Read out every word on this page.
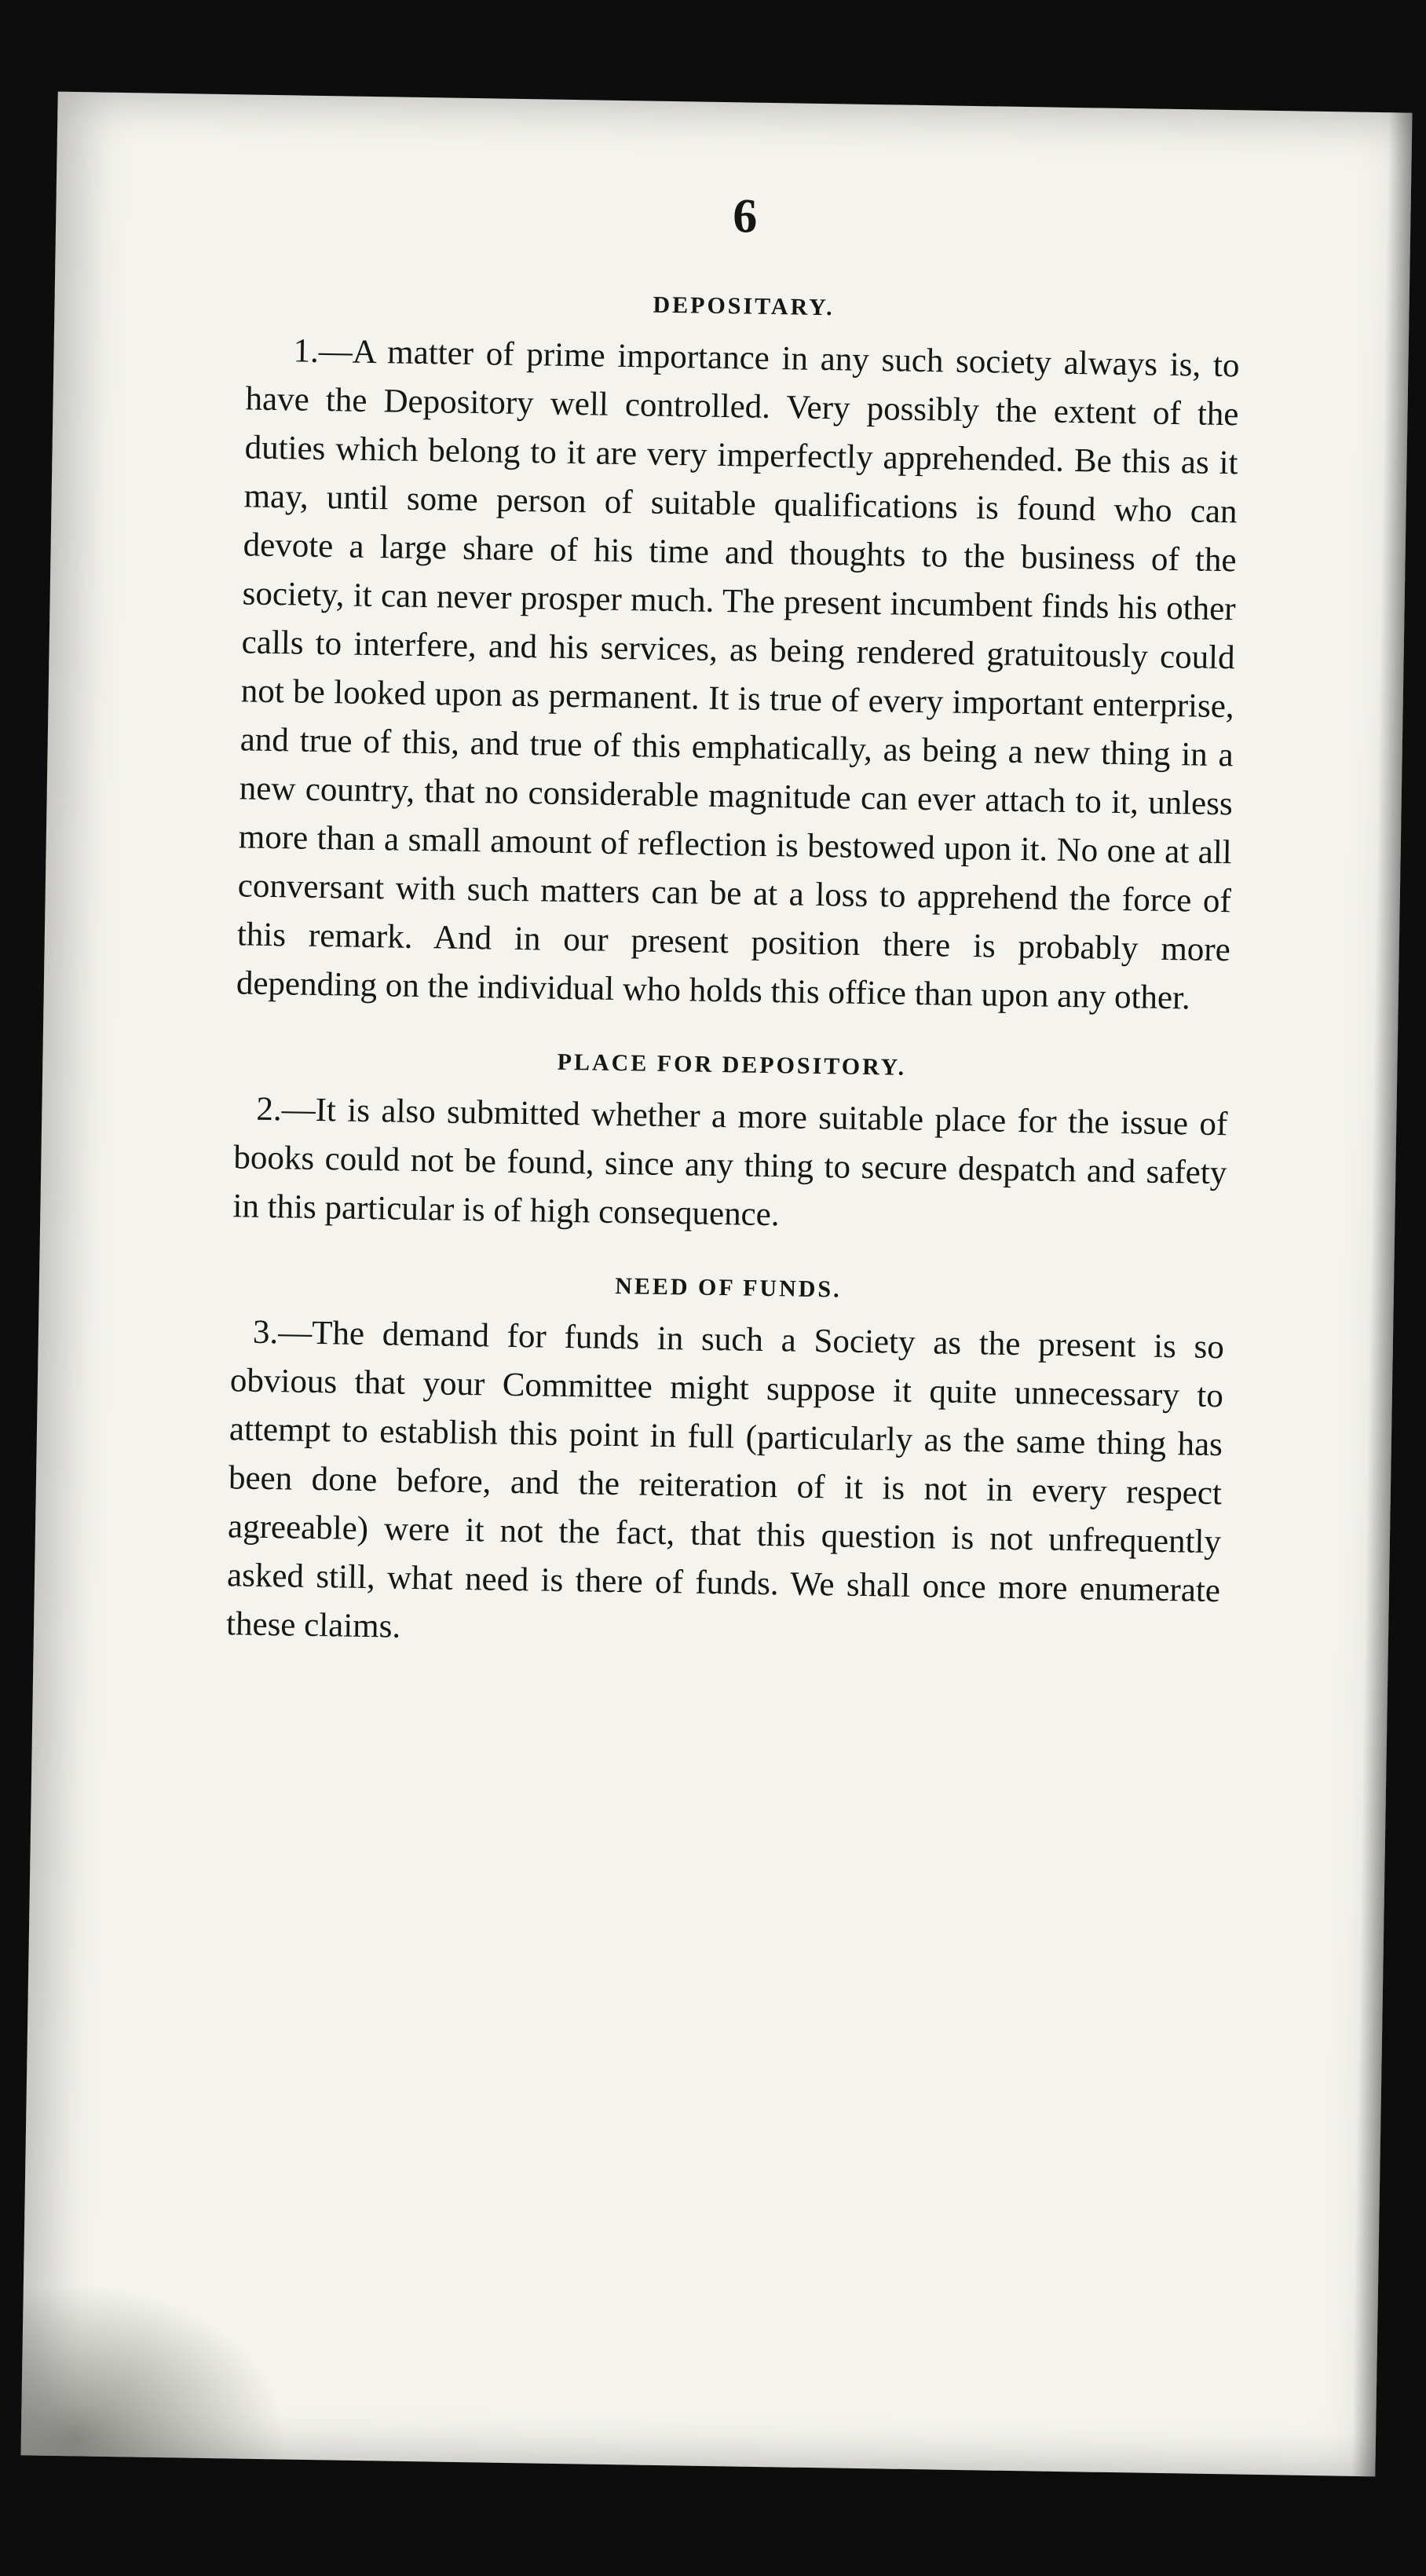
6
DEPOSITARY.

1.—A matter of prime importance in any such society always is, to have the Depository well controlled. Very possibly the extent of the duties which belong to it are very imperfectly apprehended. Be this as it may, until some person of suitable qualifications is found who can devote a large share of his time and thoughts to the business of the society, it can never prosper much. The present incumbent finds his other calls to interfere, and his services, as being rendered gratuitously could not be looked upon as permanent. It is true of every important enterprise, and true of this, and true of this emphatically, as being a new thing in a new country, that no considerable magnitude can ever attach to it, unless more than a small amount of reflection is bestowed upon it. No one at all conversant with such matters can be at a loss to apprehend the force of this remark. And in our present position there is probably more depending on the individual who holds this office than upon any other.

PLACE FOR DEPOSITORY.

2.—It is also submitted whether a more suitable place for the issue of books could not be found, since any thing to secure despatch and safety in this particular is of high consequence.

NEED OF FUNDS.

3.—The demand for funds in such a Society as the present is so obvious that your Committee might suppose it quite unnecessary to attempt to establish this point in full (particularly as the same thing has been done before, and the reiteration of it is not in every respect agreeable) were it not the fact, that this question is not unfrequently asked still, what need is there of funds. We shall once more enumerate these claims.
